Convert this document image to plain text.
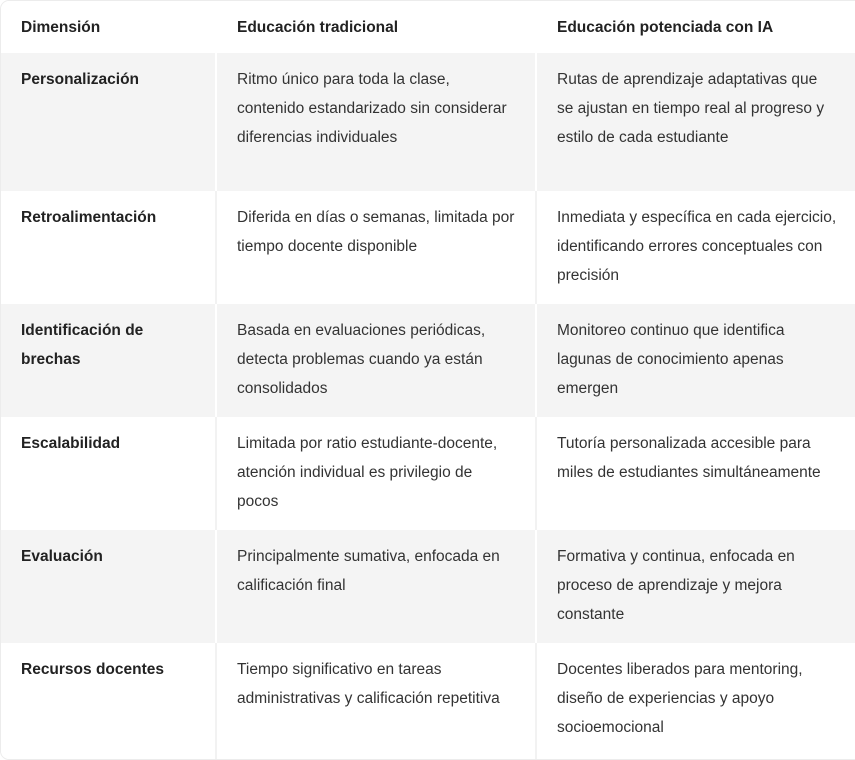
Dimensión	Educación tradicional	Educación potenciada con IA
Personalización	Ritmo único para toda la clase, contenido estandarizado sin considerar diferencias individuales	Rutas de aprendizaje adaptativas que se ajustan en tiempo real al progreso y estilo de cada estudiante
Retroalimentación	Diferida en días o semanas, limitada por tiempo docente disponible	Inmediata y específica en cada ejercicio, identificando errores conceptuales con precisión
Identificación de brechas	Basada en evaluaciones periódicas, detecta problemas cuando ya están consolidados	Monitoreo continuo que identifica lagunas de conocimiento apenas emergen
Escalabilidad	Limitada por ratio estudiante-docente, atención individual es privilegio de pocos	Tutoría personalizada accesible para miles de estudiantes simultáneamente
Evaluación	Principalmente sumativa, enfocada en calificación final	Formativa y continua, enfocada en proceso de aprendizaje y mejora constante
Recursos docentes	Tiempo significativo en tareas administrativas y calificación repetitiva	Docentes liberados para mentoring, diseño de experiencias y apoyo socioemocional
